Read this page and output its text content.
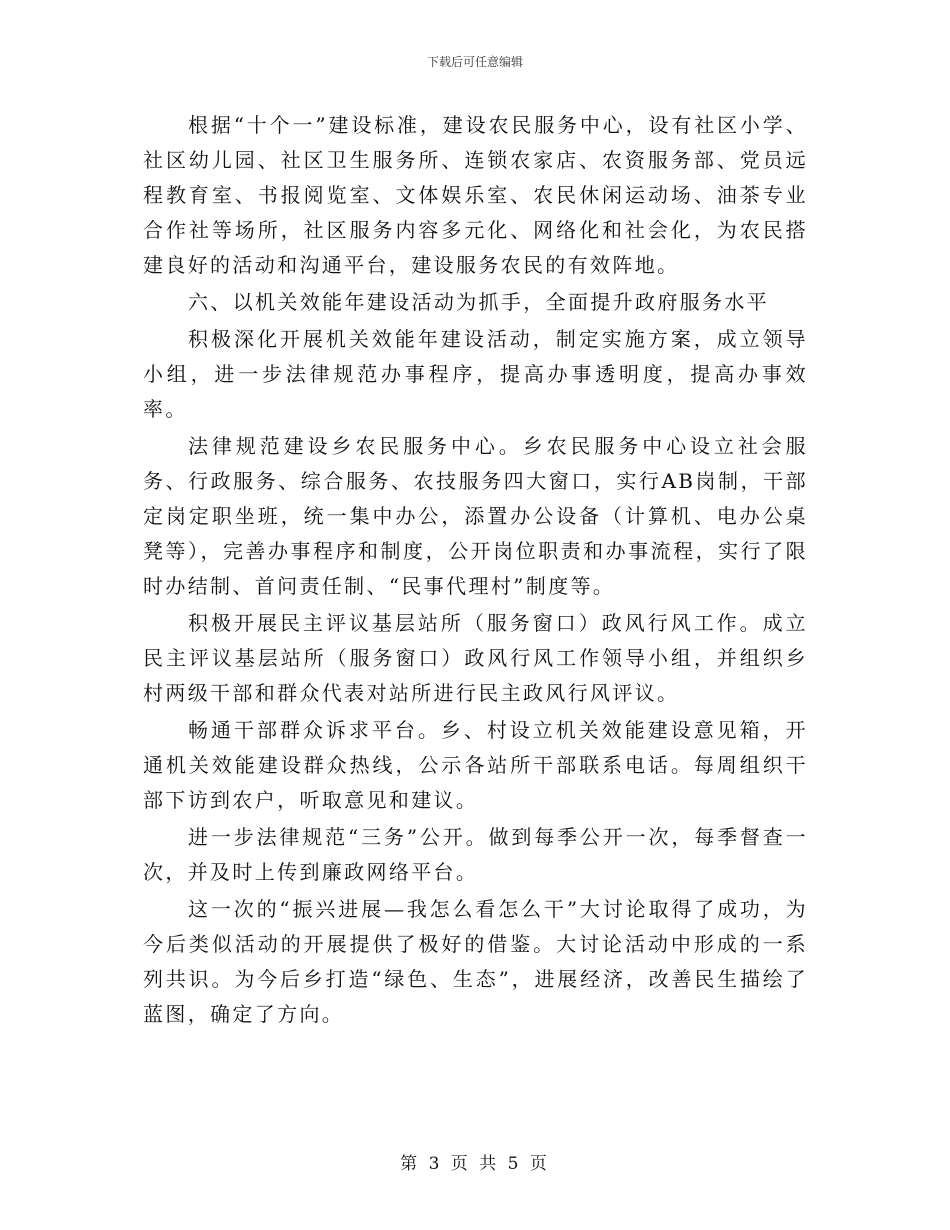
下载后可任意编辑

根据“十个一”建设标准，建设农民服务中心，设有社区小学、社区幼儿园、社区卫生服务所、连锁农家店、农资服务部、党员远程教育室、书报阅览室、文体娱乐室、农民休闲运动场、油茶专业合作社等场所，社区服务内容多元化、网络化和社会化，为农民搭建良好的活动和沟通平台，建设服务农民的有效阵地。

六、以机关效能年建设活动为抓手，全面提升政府服务水平

积极深化开展机关效能年建设活动，制定实施方案，成立领导小组，进一步法律规范办事程序，提高办事透明度，提高办事效率。

法律规范建设乡农民服务中心。乡农民服务中心设立社会服务、行政服务、综合服务、农技服务四大窗口，实行AB岗制，干部定岗定职坐班，统一集中办公，添置办公设备（计算机、电办公桌凳等），完善办事程序和制度，公开岗位职责和办事流程，实行了限时办结制、首问责任制、“民事代理村”制度等。

积极开展民主评议基层站所（服务窗口）政风行风工作。成立民主评议基层站所（服务窗口）政风行风工作领导小组，并组织乡村两级干部和群众代表对站所进行民主政风行风评议。

畅通干部群众诉求平台。乡、村设立机关效能建设意见箱，开通机关效能建设群众热线，公示各站所干部联系电话。每周组织干部下访到农户，听取意见和建议。

进一步法律规范“三务”公开。做到每季公开一次，每季督查一次，并及时上传到廉政网络平台。

这一次的“振兴进展—我怎么看怎么干”大讨论取得了成功，为今后类似活动的开展提供了极好的借鉴。大讨论活动中形成的一系列共识。为今后乡打造“绿色、生态”，进展经济，改善民生描绘了蓝图，确定了方向。

第 3 页 共 5 页
